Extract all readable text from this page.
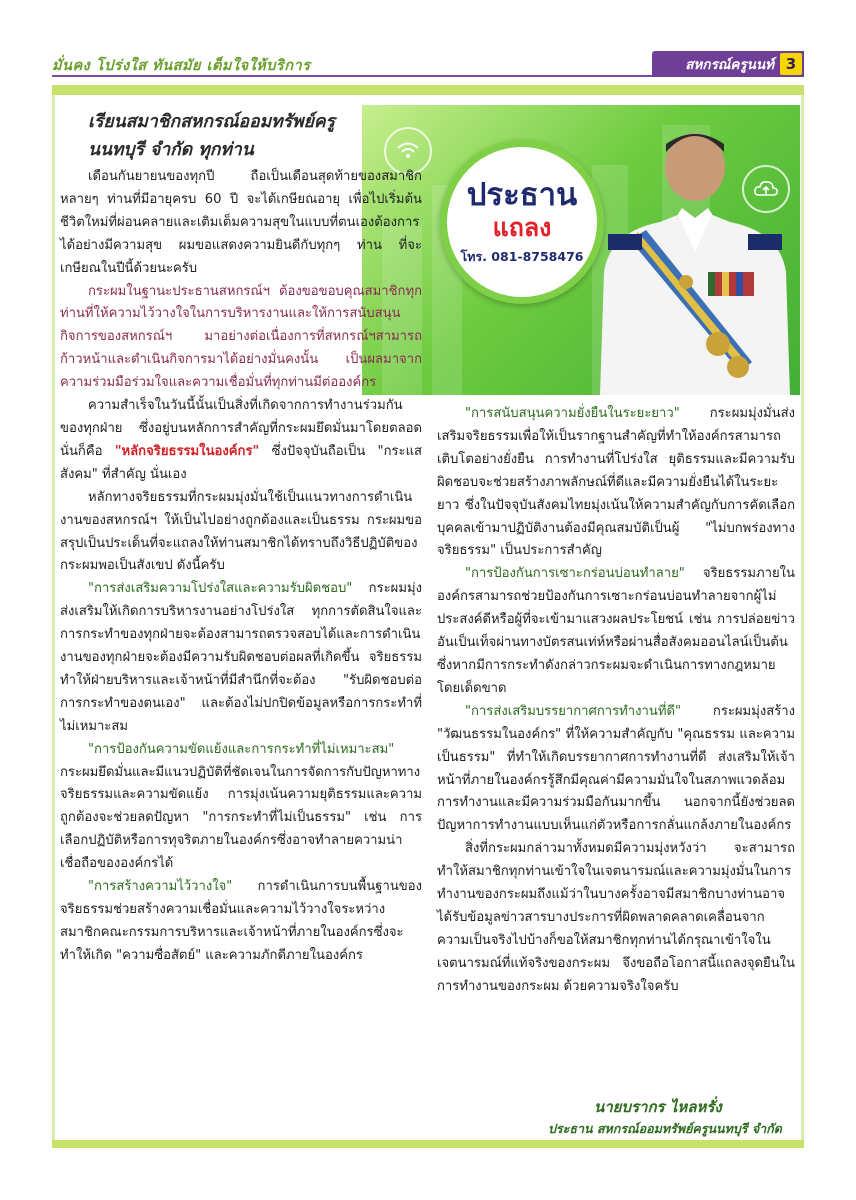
มั่นคง โปร่งใส ทันสมัย เต็มใจให้บริการ	สหกรณ์ครูนนท์ 3
ประธาน
แถลง
โทร. 081-8758476

เรียนสมาชิกสหกรณ์ออมทรัพย์ครู
นนทบุรี จำกัด ทุกท่าน

เดือนกันยายนของทุกปี ถือเป็นเดือนสุดท้ายของสมาชิกหลายๆ ท่านที่มีอายุครบ 60 ปี จะได้เกษียณอายุ เพื่อไปเริ่มต้นชีวิตใหม่ที่ผ่อนคลายและเติมเต็มความสุขในแบบที่ตนเองต้องการได้อย่างมีความสุข ผมขอแสดงความยินดีกับทุกๆ ท่าน ที่จะเกษียณในปีนี้ด้วยนะครับ

กระผมในฐานะประธานสหกรณ์ฯ ต้องขอขอบคุณสมาชิกทุกท่านที่ให้ความไว้วางใจในการบริหารงานและให้การสนับสนุนกิจการของสหกรณ์ฯ มาอย่างต่อเนื่องการที่สหกรณ์ฯสามารถก้าวหน้าและดำเนินกิจการมาได้อย่างมั่นคงนั้น เป็นผลมาจากความร่วมมือร่วมใจและความเชื่อมั่นที่ทุกท่านมีต่อองค์กร

ความสำเร็จในวันนี้นั้นเป็นสิ่งที่เกิดจากการทำงานร่วมกันของทุกฝ่าย ซึ่งอยู่บนหลักการสำคัญที่กระผมยึดมั่นมาโดยตลอดนั่นก็คือ "หลักจริยธรรมในองค์กร" ซึ่งปัจจุบันถือเป็น "กระแสสังคม" ที่สำคัญ นั่นเอง

หลักทางจริยธรรมที่กระผมมุ่งมั่นใช้เป็นแนวทางการดำเนินงานของสหกรณ์ฯ ให้เป็นไปอย่างถูกต้องและเป็นธรรม กระผมขอสรุปเป็นประเด็นที่จะแถลงให้ท่านสมาชิกได้ทราบถึงวิธีปฏิบัติของกระผมพอเป็นสังเขป ดังนี้ครับ

"การส่งเสริมความโปร่งใสและความรับผิดชอบ" กระผมมุ่งส่งเสริมให้เกิดการบริหารงานอย่างโปร่งใส ทุกการตัดสินใจและการกระทำของทุกฝ่ายจะต้องสามารถตรวจสอบได้และการดำเนินงานของทุกฝ่ายจะต้องมีความรับผิดชอบต่อผลที่เกิดขึ้น จริยธรรมทำให้ฝ่ายบริหารและเจ้าหน้าที่มีสำนึกที่จะต้อง "รับผิดชอบต่อการกระทำของตนเอง" และต้องไม่ปกปิดข้อมูลหรือการกระทำที่ไม่เหมาะสม

"การป้องกันความขัดแย้งและการกระทำที่ไม่เหมาะสม" กระผมยึดมั่นและมีแนวปฏิบัติที่ชัดเจนในการจัดการกับปัญหาทางจริยธรรมและความขัดแย้ง การมุ่งเน้นความยุติธรรมและความถูกต้องจะช่วยลดปัญหา "การกระทำที่ไม่เป็นธรรม" เช่น การเลือกปฏิบัติหรือการทุจริตภายในองค์กรซึ่งอาจทำลายความน่าเชื่อถือขององค์กรได้

"การสร้างความไว้วางใจ" การดำเนินการบนพื้นฐานของจริยธรรมช่วยสร้างความเชื่อมั่นและความไว้วางใจระหว่างสมาชิกคณะกรรมการบริหารและเจ้าหน้าที่ภายในองค์กรซึ่งจะทำให้เกิด "ความซื่อสัตย์" และความภักดีภายในองค์กร

"การสนับสนุนความยั่งยืนในระยะยาว" กระผมมุ่งมั่นส่งเสริมจริยธรรมเพื่อให้เป็นรากฐานสำคัญที่ทำให้องค์กรสามารถเติบโตอย่างยั่งยืน การทำงานที่โปร่งใส ยุติธรรมและมีความรับผิดชอบจะช่วยสร้างภาพลักษณ์ที่ดีและมีความยั่งยืนได้ในระยะยาว ซึ่งในปัจจุบันสังคมไทยมุ่งเน้นให้ความสำคัญกับการคัดเลือกบุคคลเข้ามาปฏิบัติงานต้องมีคุณสมบัติเป็นผู้ "ไม่บกพร่องทางจริยธรรม" เป็นประการสำคัญ

"การป้องกันการเซาะกร่อนบ่อนทำลาย" จริยธรรมภายในองค์กรสามารถช่วยป้องกันการเซาะกร่อนบ่อนทำลายจากผู้ไม่ประสงค์ดีหรือผู้ที่จะเข้ามาแสวงผลประโยชน์ เช่น การปล่อยข่าวอันเป็นเท็จผ่านทางบัตรสนเท่ห์หรือผ่านสื่อสังคมออนไลน์เป็นต้น ซึ่งหากมีการกระทำดังกล่าวกระผมจะดำเนินการทางกฎหมายโดยเด็ดขาด

"การส่งเสริมบรรยากาศการทำงานที่ดี" กระผมมุ่งสร้าง "วัฒนธรรมในองค์กร" ที่ให้ความสำคัญกับ "คุณธรรม และความเป็นธรรม" ที่ทำให้เกิดบรรยากาศการทำงานที่ดี ส่งเสริมให้เจ้าหน้าที่ภายในองค์กรรู้สึกมีคุณค่ามีความมั่นใจในสภาพแวดล้อมการทำงานและมีความร่วมมือกันมากขึ้น นอกจากนี้ยังช่วยลดปัญหาการทำงานแบบเห็นแก่ตัวหรือการกลั่นแกล้งภายในองค์กร

สิ่งที่กระผมกล่าวมาทั้งหมดมีความมุ่งหวังว่า จะสามารถทำให้สมาชิกทุกท่านเข้าใจในเจตนารมณ์และความมุ่งมั่นในการทำงานของกระผมถึงแม้ว่าในบางครั้งอาจมีสมาชิกบางท่านอาจได้รับข้อมูลข่าวสารบางประการที่ผิดพลาดคลาดเคลื่อนจากความเป็นจริงไปบ้างก็ขอให้สมาชิกทุกท่านได้กรุณาเข้าใจในเจตนารมณ์ที่แท้จริงของกระผม จึงขอถือโอกาสนี้แถลงจุดยืนในการทำงานของกระผม ด้วยความจริงใจครับ

นายบรากร ไหลหรั่ง
ประธาน สหกรณ์ออมทรัพย์ครูนนทบุรี จำกัด
